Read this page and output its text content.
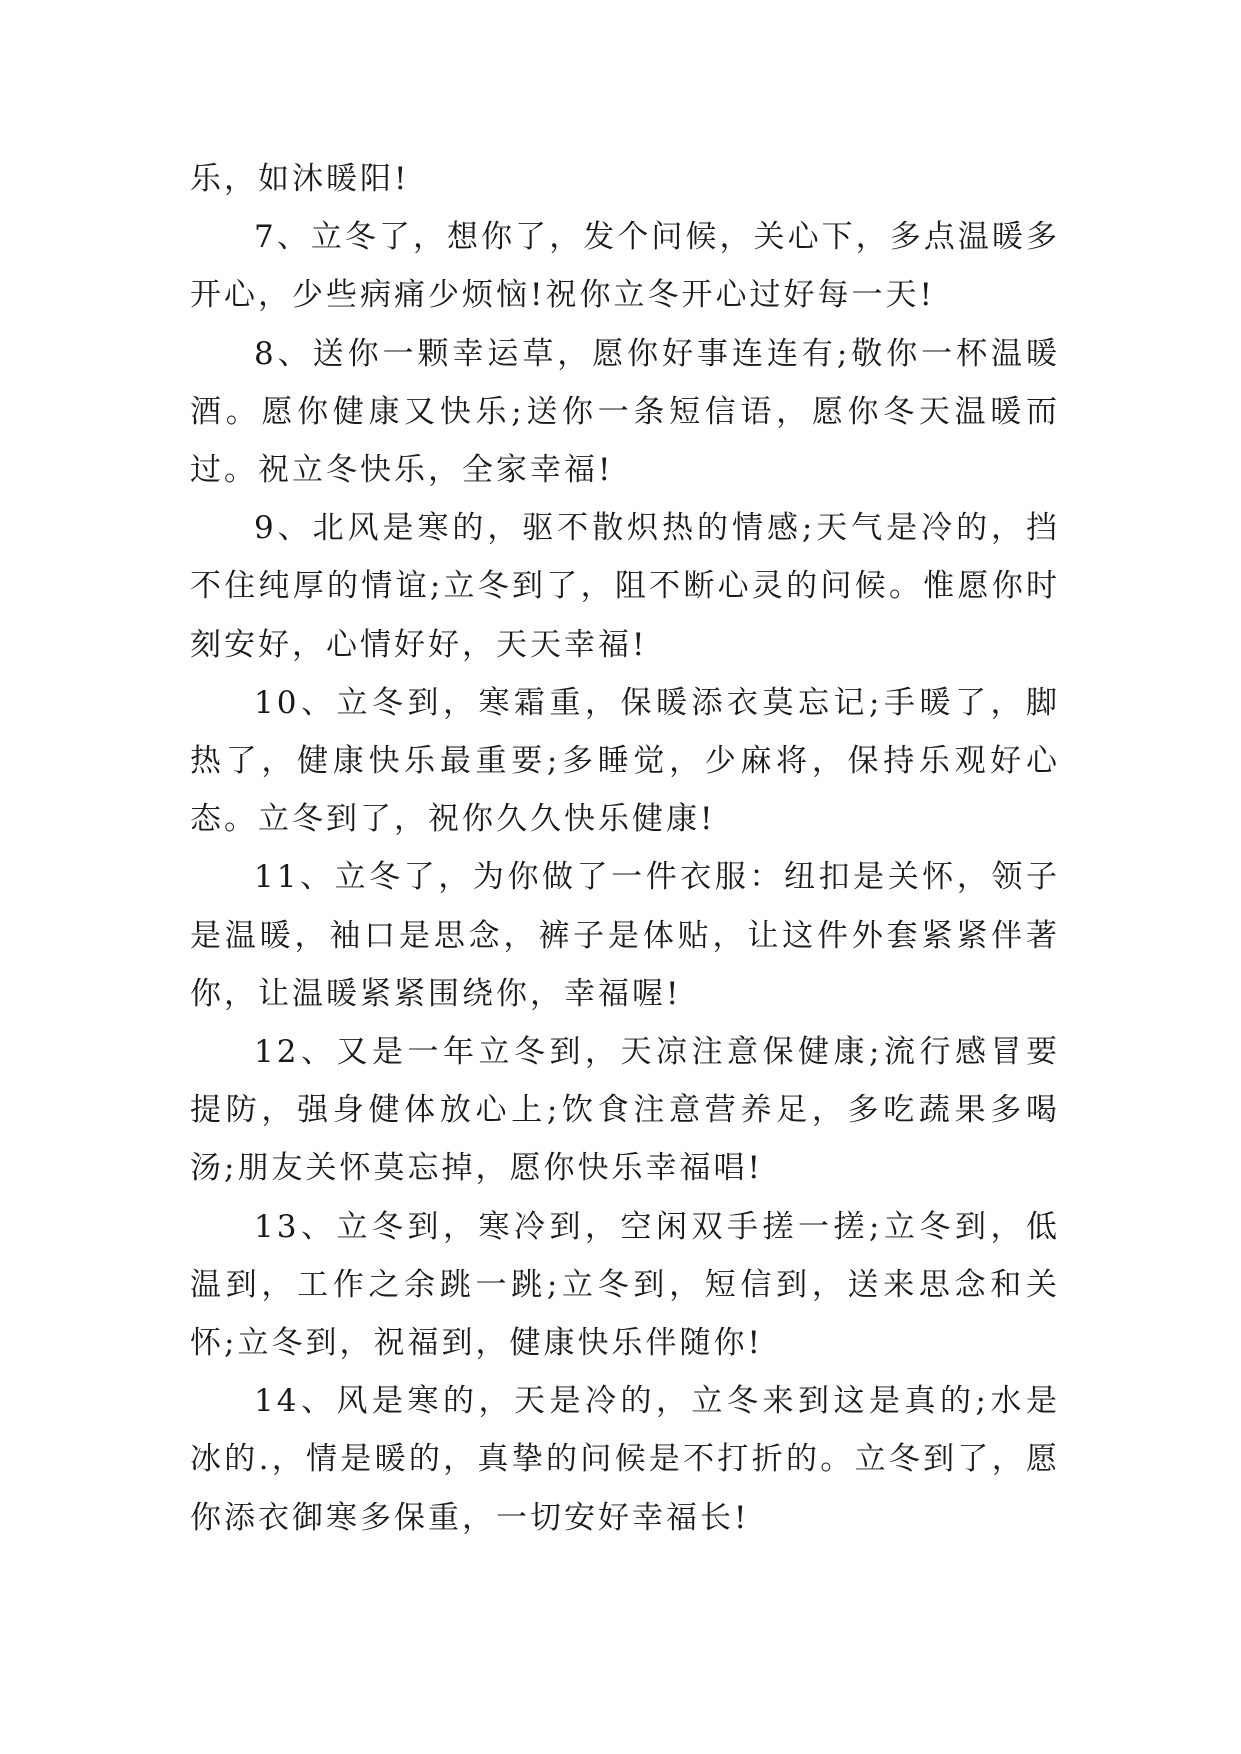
乐，如沐暖阳!

7、立冬了，想你了，发个问候，关心下，多点温暖多开心，少些病痛少烦恼!祝你立冬开心过好每一天!

8、送你一颗幸运草，愿你好事连连有;敬你一杯温暖酒。愿你健康又快乐;送你一条短信语，愿你冬天温暖而过。祝立冬快乐，全家幸福!

9、北风是寒的，驱不散炽热的情感;天气是冷的，挡不住纯厚的情谊;立冬到了，阻不断心灵的问候。惟愿你时刻安好，心情好好，天天幸福!

10、立冬到，寒霜重，保暖添衣莫忘记;手暖了，脚热了，健康快乐最重要;多睡觉，少麻将，保持乐观好心态。立冬到了，祝你久久快乐健康!

11、立冬了，为你做了一件衣服：纽扣是关怀，领子是温暖，袖口是思念，裤子是体贴，让这件外套紧紧伴著你，让温暖紧紧围绕你，幸福喔!

12、又是一年立冬到，天凉注意保健康;流行感冒要提防，强身健体放心上;饮食注意营养足，多吃蔬果多喝汤;朋友关怀莫忘掉，愿你快乐幸福唱!

13、立冬到，寒冷到，空闲双手搓一搓;立冬到，低温到，工作之余跳一跳;立冬到，短信到，送来思念和关怀;立冬到，祝福到，健康快乐伴随你!

14、风是寒的，天是冷的，立冬来到这是真的;水是冰的.，情是暖的，真挚的问候是不打折的。立冬到了，愿你添衣御寒多保重，一切安好幸福长!
